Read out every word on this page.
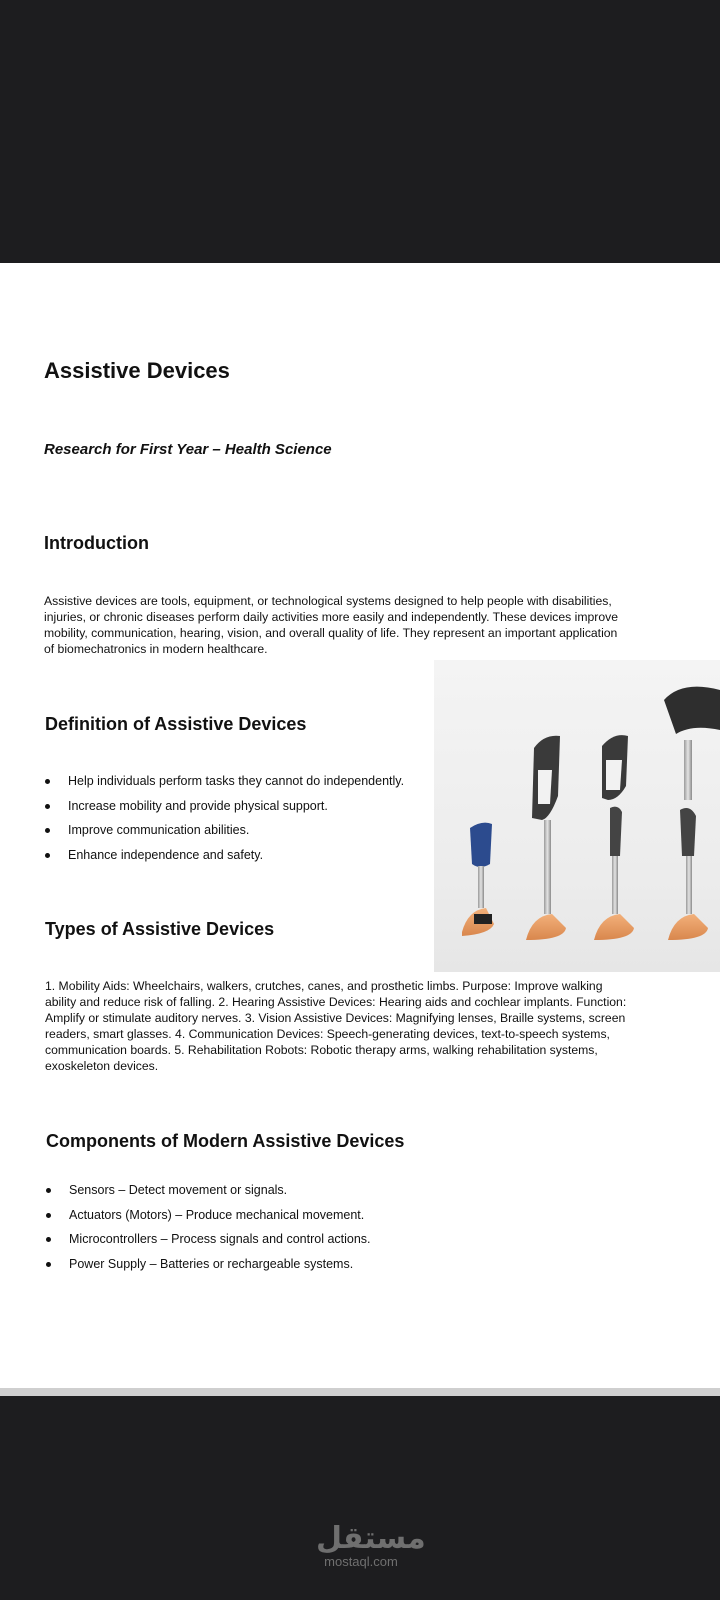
Assistive Devices
Research for First Year – Health Science
Introduction

Assistive devices are tools, equipment, or technological systems designed to help people with disabilities, injuries, or chronic diseases perform daily activities more easily and independently. These devices improve mobility, communication, hearing, vision, and overall quality of life. They represent an important application of biomechatronics in modern healthcare.

Definition of Assistive Devices
Help individuals perform tasks they cannot do independently.
Increase mobility and provide physical support.
Improve communication abilities.
Enhance independence and safety.
Types of Assistive Devices

1. Mobility Aids: Wheelchairs, walkers, crutches, canes, and prosthetic limbs. Purpose: Improve walking ability and reduce risk of falling. 2. Hearing Assistive Devices: Hearing aids and cochlear implants. Function: Amplify or stimulate auditory nerves. 3. Vision Assistive Devices: Magnifying lenses, Braille systems, screen readers, smart glasses. 4. Communication Devices: Speech-generating devices, text-to-speech systems, communication boards. 5. Rehabilitation Robots: Robotic therapy arms, walking rehabilitation systems, exoskeleton devices.

Components of Modern Assistive Devices
Sensors – Detect movement or signals.
Actuators (Motors) – Produce mechanical movement.
Microcontrollers – Process signals and control actions.
Power Supply – Batteries or rechargeable systems.
مستقل
mostaql.com
